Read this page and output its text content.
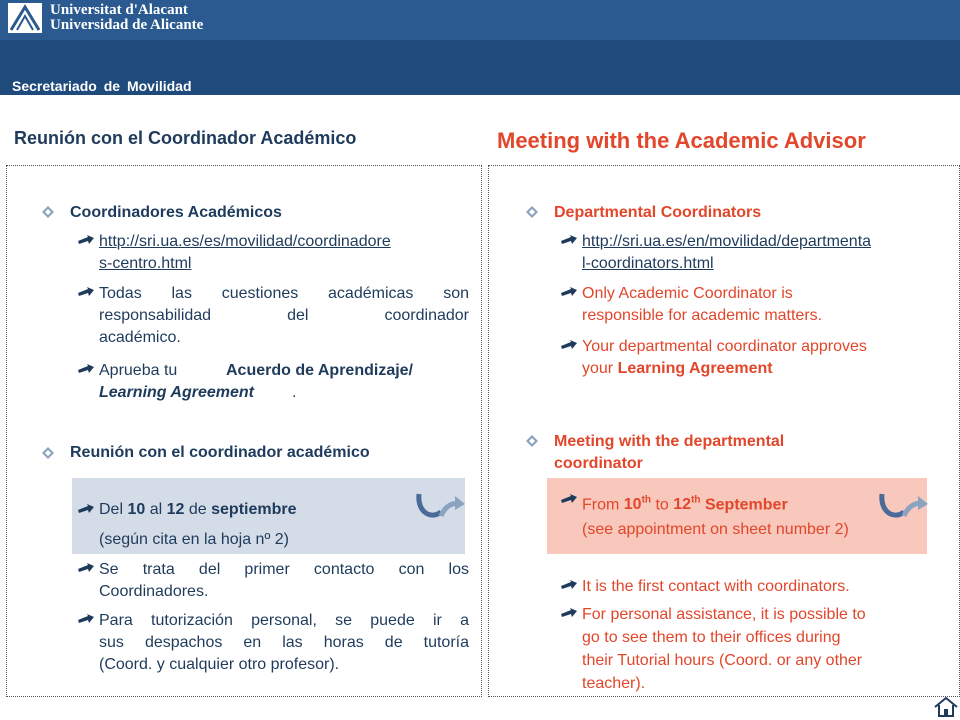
Universitat d'Alacant
Universidad de Alicante
Secretariado de Movilidad
Reunión con el Coordinador Académico	Meeting with the Academic Advisor
Coordinadores Académicos
http://sri.ua.es/es/movilidad/coordinadore
s-centro.html
Todas las cuestiones académicas son
responsabilidad del coordinador
académico.
Aprueba tu	Acuerdo de Aprendizaje/
Learning Agreement .
Reunión con el coordinador académico
Del 10 al 12 de septiembre
(según cita en la hoja nº 2)
Se trata del primer contacto con los
Coordinadores.
Para tutorización personal, se puede ir a
sus despachos en las horas de tutoría
(Coord. y cualquier otro profesor).
Departmental Coordinators
http://sri.ua.es/en/movilidad/departmenta
l-coordinators.html
Only Academic Coordinator is
responsible for academic matters.
Your departmental coordinator approves
your Learning Agreement
Meeting with the departmental
coordinator
From 10th to 12th September
(see appointment on sheet number 2)
It is the first contact with coordinators.
For personal assistance, it is possible to
go to see them to their offices during
their Tutorial hours (Coord. or any other
teacher).
